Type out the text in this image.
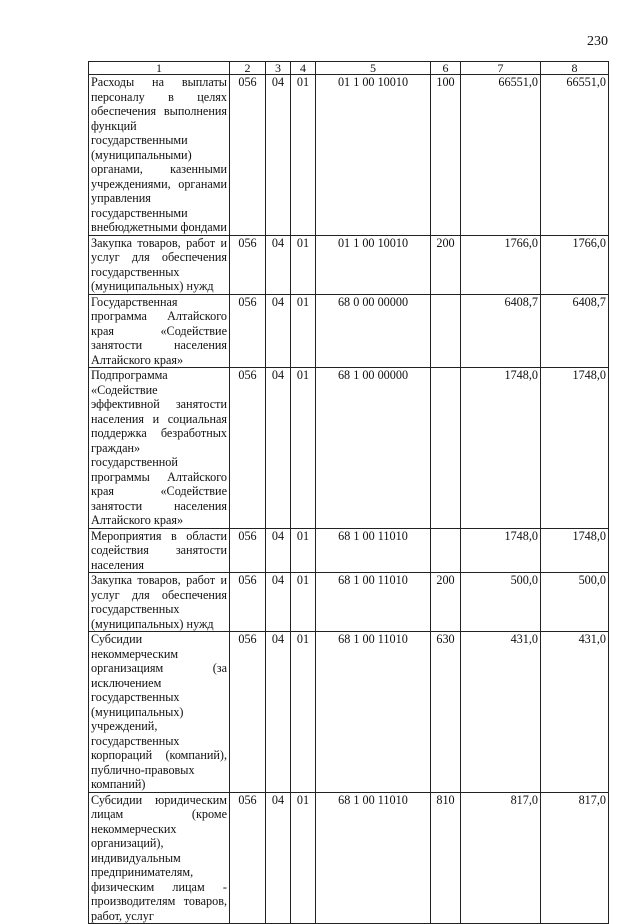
230
1	2	3	4	5	6	7	8
Расходы на выплаты персоналу в целях обеспечения выполнения функций государственными (муниципальными) органами, казенными учреждениями, органами управления государственными внебюджетными фондами	056	04	01	01 1 00 10010	100	66551,0	66551,0
Закупка товаров, работ и услуг для обеспечения государственных (муниципальных) нужд	056	04	01	01 1 00 10010	200	1766,0	1766,0
Государственная программа Алтайского края «Содействие занятости населения Алтайского края»	056	04	01	68 0 00 00000		6408,7	6408,7
Подпрограмма «Содействие эффективной занятости населения и социальная поддержка безработных граждан» государственной программы Алтайского края «Содействие занятости населения Алтайского края»	056	04	01	68 1 00 00000		1748,0	1748,0
Мероприятия в области содействия занятости населения	056	04	01	68 1 00 11010		1748,0	1748,0
Закупка товаров, работ и услуг для обеспечения государственных (муниципальных) нужд	056	04	01	68 1 00 11010	200	500,0	500,0
Субсидии некоммерческим организациям (за исключением государственных (муниципальных) учреждений, государственных корпораций (компаний), публично-правовых компаний)	056	04	01	68 1 00 11010	630	431,0	431,0
Субсидии юридическим лицам (кроме некоммерческих организаций), индивидуальным предпринимателям, физическим лицам - производителям товаров, работ, услуг	056	04	01	68 1 00 11010	810	817,0	817,0
